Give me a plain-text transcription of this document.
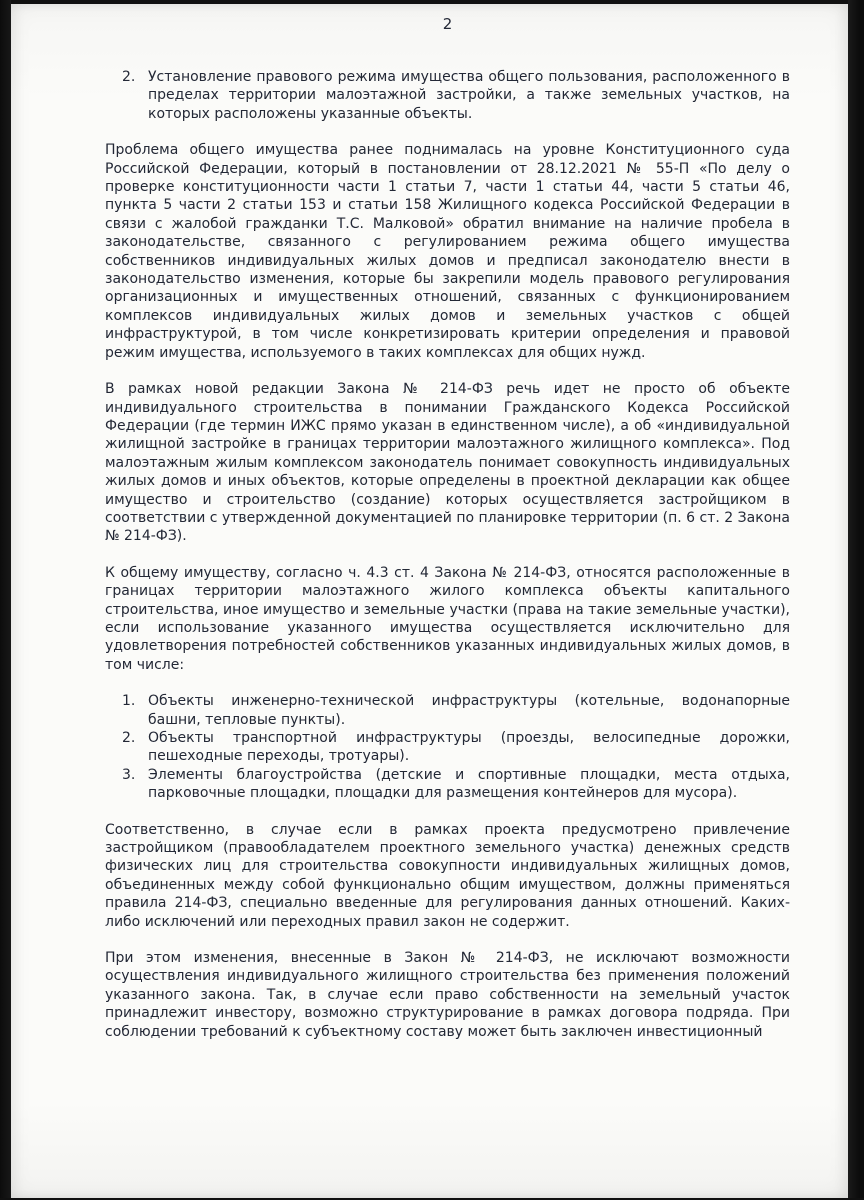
2
2. Установление правового режима имущества общего пользования, расположенного в пределах территории малоэтажной застройки, а также земельных участков, на которых расположены указанные объекты.

Проблема общего имущества ранее поднималась на уровне Конституционного суда Российской Федерации, который в постановлении от 28.12.2021 № 55-П «По делу о проверке конституционности части 1 статьи 7, части 1 статьи 44, части 5 статьи 46, пункта 5 части 2 статьи 153 и статьи 158 Жилищного кодекса Российской Федерации в связи с жалобой гражданки Т.С. Малковой» обратил внимание на наличие пробела в законодательстве, связанного с регулированием режима общего имущества собственников индивидуальных жилых домов и предписал законодателю внести в законодательство изменения, которые бы закрепили модель правового регулирования организационных и имущественных отношений, связанных с функционированием комплексов индивидуальных жилых домов и земельных участков с общей инфраструктурой, в том числе конкретизировать критерии определения и правовой режим имущества, используемого в таких комплексах для общих нужд.

В рамках новой редакции Закона № 214-ФЗ речь идет не просто об объекте индивидуального строительства в понимании Гражданского Кодекса Российской Федерации (где термин ИЖС прямо указан в единственном числе), а об «индивидуальной жилищной застройке в границах территории малоэтажного жилищного комплекса». Под малоэтажным жилым комплексом законодатель понимает совокупность индивидуальных жилых домов и иных объектов, которые определены в проектной декларации как общее имущество и строительство (создание) которых осуществляется застройщиком в соответствии с утвержденной документацией по планировке территории (п. 6 ст. 2 Закона № 214-ФЗ).

К общему имуществу, согласно ч. 4.3 ст. 4 Закона № 214-ФЗ, относятся расположенные в границах территории малоэтажного жилого комплекса объекты капитального строительства, иное имущество и земельные участки (права на такие земельные участки), если использование указанного имущества осуществляется исключительно для удовлетворения потребностей собственников указанных индивидуальных жилых домов, в том числе:

1. Объекты инженерно-технической инфраструктуры (котельные, водонапорные башни, тепловые пункты).
2. Объекты транспортной инфраструктуры (проезды, велосипедные дорожки, пешеходные переходы, тротуары).
3. Элементы благоустройства (детские и спортивные площадки, места отдыха, парковочные площадки, площадки для размещения контейнеров для мусора).

Соответственно, в случае если в рамках проекта предусмотрено привлечение застройщиком (правообладателем проектного земельного участка) денежных средств физических лиц для строительства совокупности индивидуальных жилищных домов, объединенных между собой функционально общим имуществом, должны применяться правила 214-ФЗ, специально введенные для регулирования данных отношений. Каких-либо исключений или переходных правил закон не содержит.

При этом изменения, внесенные в Закон № 214-ФЗ, не исключают возможности осуществления индивидуального жилищного строительства без применения положений указанного закона. Так, в случае если право собственности на земельный участок принадлежит инвестору, возможно структурирование в рамках договора подряда. При соблюдении требований к субъектному составу может быть заключен инвестиционный
